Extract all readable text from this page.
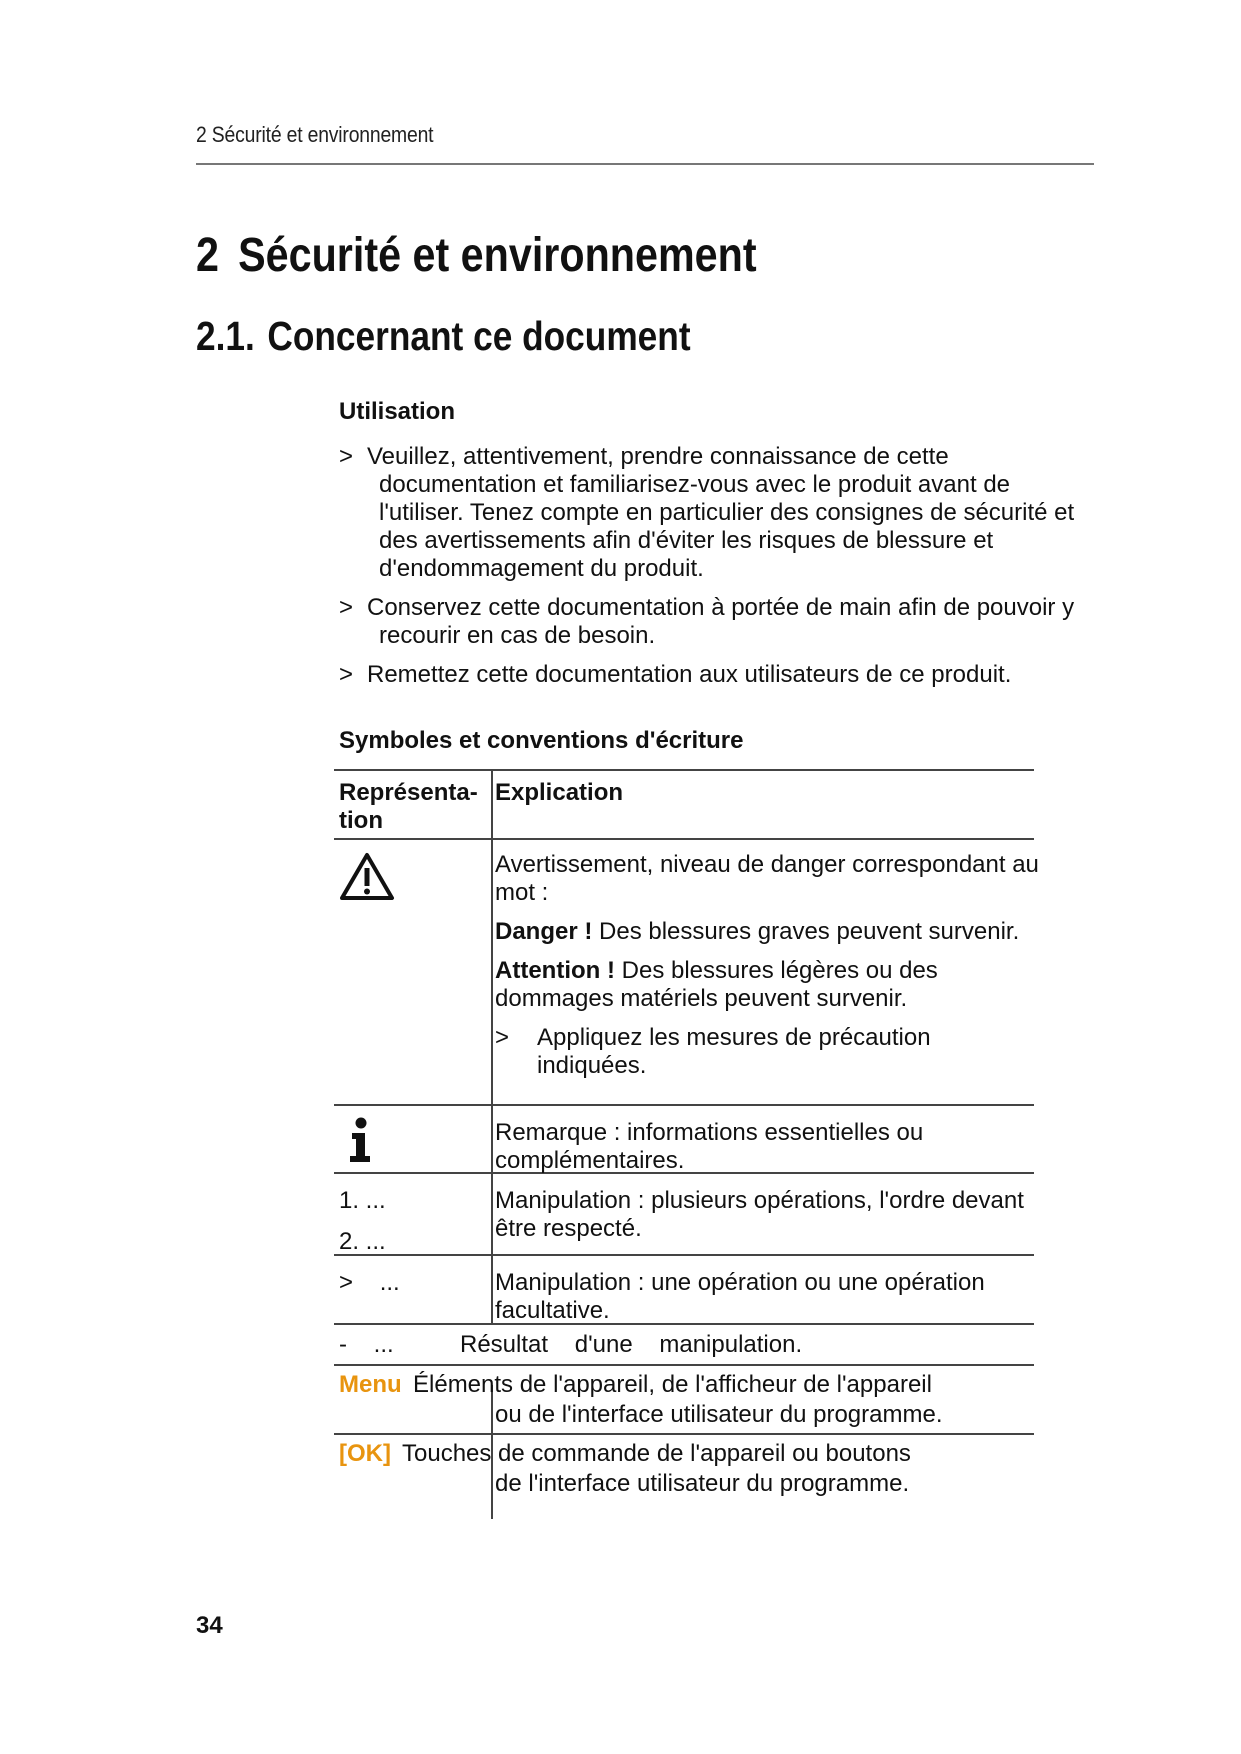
2 Sécurité et environnement
2 Sécurité et environnement
2.1. Concernant ce document
Utilisation
> Veuillez, attentivement, prendre connaissance de cette documentation et familiarisez-vous avec le produit avant de l'utiliser. Tenez compte en particulier des consignes de sécurité et des avertissements afin d'éviter les risques de blessure et d'endommagement du produit.
> Conservez cette documentation à portée de main afin de pouvoir y recourir en cas de besoin.
> Remettez cette documentation aux utilisateurs de ce produit.
Symboles et conventions d'écriture
Représenta-
tion
Explication
Avertissement, niveau de danger correspondant au mot :
Danger ! Des blessures graves peuvent survenir.
Attention ! Des blessures légères ou des dommages matériels peuvent survenir.
> Appliquez les mesures de précaution indiquées.
Remarque : informations essentielles ou complémentaires.
1. ...
2. ...
Manipulation : plusieurs opérations, l'ordre devant être respecté.
>    ...	Manipulation : une opération ou une opération facultative.
-    ...	Résultat    d'une    manipulation.
Menu Éléments de l'appareil, de l'afficheur de l'appareil
ou de l'interface utilisateur du programme.
[OK] Touches de commande de l'appareil ou boutons
de l'interface utilisateur du programme.
34
